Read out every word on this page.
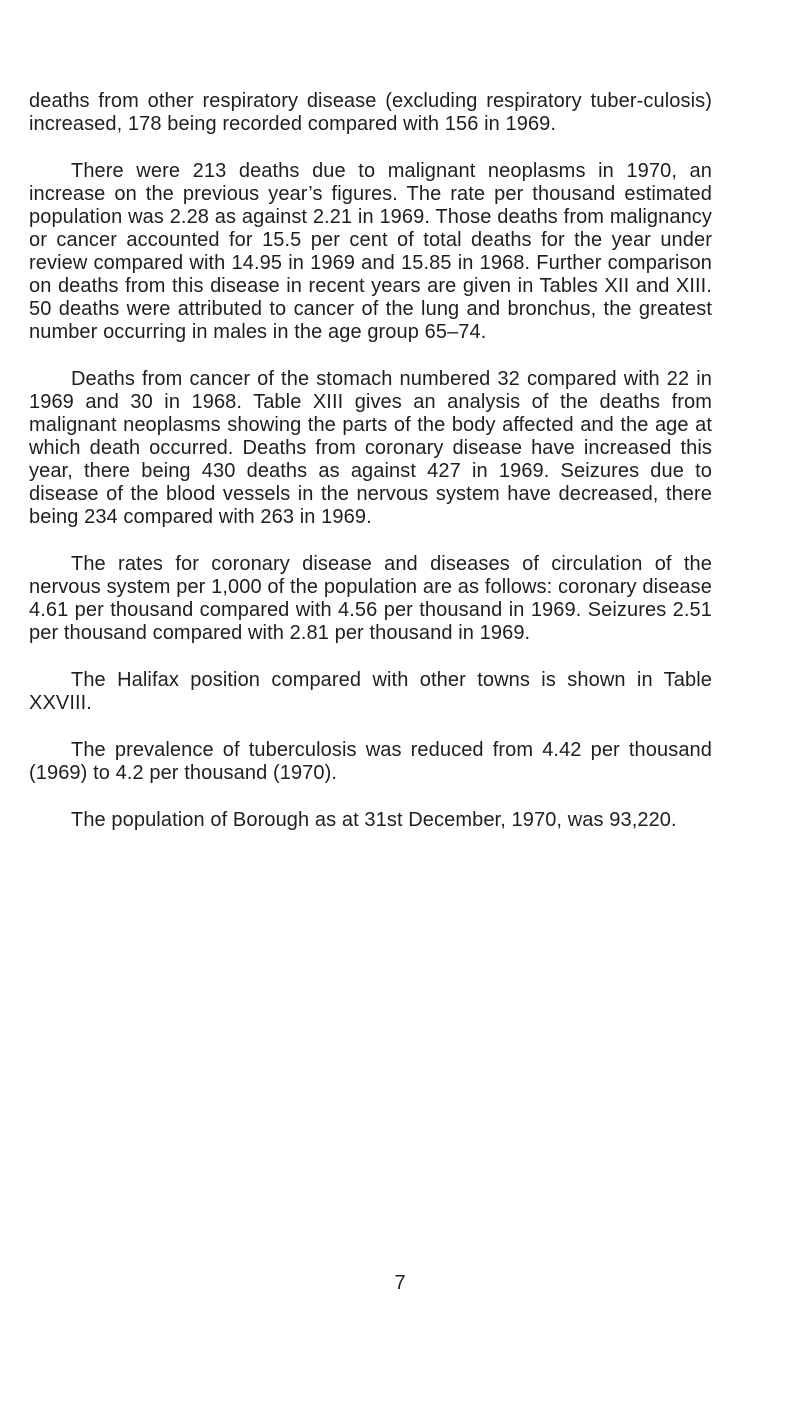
deaths from other respiratory disease (excluding respiratory tuber-culosis) increased, 178 being recorded compared with 156 in 1969.

There were 213 deaths due to malignant neoplasms in 1970, an increase on the previous year’s figures. The rate per thousand estimated population was 2.28 as against 2.21 in 1969. Those deaths from malignancy or cancer accounted for 15.5 per cent of total deaths for the year under review compared with 14.95 in 1969 and 15.85 in 1968. Further comparison on deaths from this disease in recent years are given in Tables XII and XIII. 50 deaths were attributed to cancer of the lung and bronchus, the greatest number occurring in males in the age group 65–74.

Deaths from cancer of the stomach numbered 32 compared with 22 in 1969 and 30 in 1968. Table XIII gives an analysis of the deaths from malignant neoplasms showing the parts of the body affected and the age at which death occurred. Deaths from coronary disease have increased this year, there being 430 deaths as against 427 in 1969. Seizures due to disease of the blood vessels in the nervous system have decreased, there being 234 compared with 263 in 1969.

The rates for coronary disease and diseases of circulation of the nervous system per 1,000 of the population are as follows: coronary disease 4.61 per thousand compared with 4.56 per thousand in 1969. Seizures 2.51 per thousand compared with 2.81 per thousand in 1969.

The Halifax position compared with other towns is shown in Table XXVIII.

The prevalence of tuberculosis was reduced from 4.42 per thousand (1969) to 4.2 per thousand (1970).

The population of Borough as at 31st December, 1970, was 93,220.

7
